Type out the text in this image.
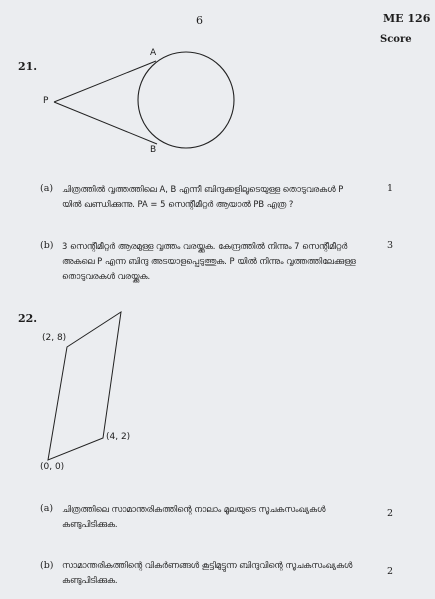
6	ME 126
Score
21.
A
B
P
(a) ചിത്രത്തിൽ വൃത്തത്തിലെ A, B എന്നീ ബിന്ദുക്കളിലൂടെയുള്ള തൊടുവരകൾ P യിൽ ഖണ്ഡിക്കുന്നു. PA = 5 സെന്റീമീറ്റർ ആയാൽ PB എത്ര ?
1
(b) 3 സെന്റീമീറ്റർ ആരമുള്ള വൃത്തം വരയ്ക്കുക. കേന്ദ്രത്തിൽ നിന്നും 7 സെന്റീമീറ്റർ അകലെ P എന്ന ബിന്ദു അടയാളപ്പെടുത്തുക. P യിൽ നിന്നും വൃത്തത്തിലേക്കുള്ള തൊടുവരകൾ വരയ്ക്കുക.
3
22.
(2, 8)
(4, 2)
(0, 0)
(a) ചിത്രത്തിലെ സാമാന്തരികത്തിന്റെ നാലാം മൂലയുടെ സൂചകസംഖ്യകൾ കണ്ടുപിടിക്കുക.
2
(b) സാമാന്തരികത്തിന്റെ വികർണങ്ങൾ കൂട്ടിമുട്ടുന്ന ബിന്ദുവിന്റെ സൂചകസംഖ്യകൾ കണ്ടുപിടിക്കുക.
2
